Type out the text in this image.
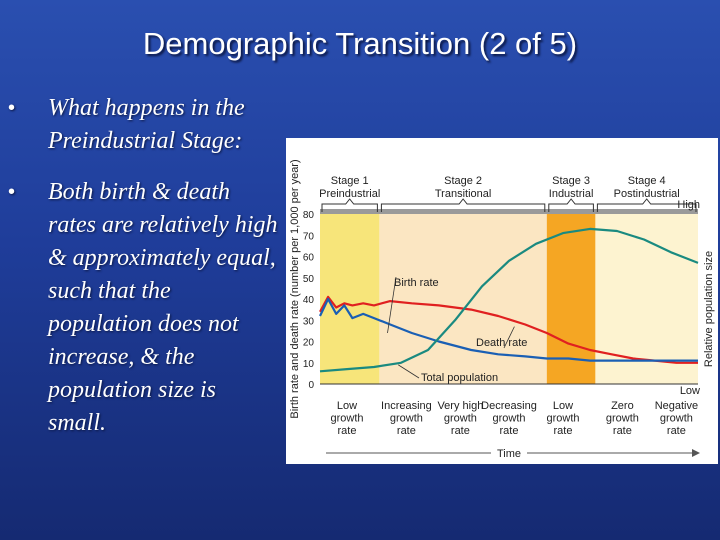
Demographic Transition (2 of 5)
• What happens in the Preindustrial Stage:
• Both birth & death rates are relatively high & approximately equal, such that the population does not increase, & the population size is small.
Stage 1
Preindustrial
Stage 2
Transitional
Stage 3
Industrial
Stage 4
Postindustrial
0
10
20
30
40
50
60
70
80
Birth rate and death rate (number per 1,000 per year)	Relative population size
High
Low
Birth rate
Death rate
Total population
Low growth rate
Increasing growth rate
Very high growth rate
Decreasing growth rate
Low growth rate
Zero growth rate
Negative growth rate
Time
